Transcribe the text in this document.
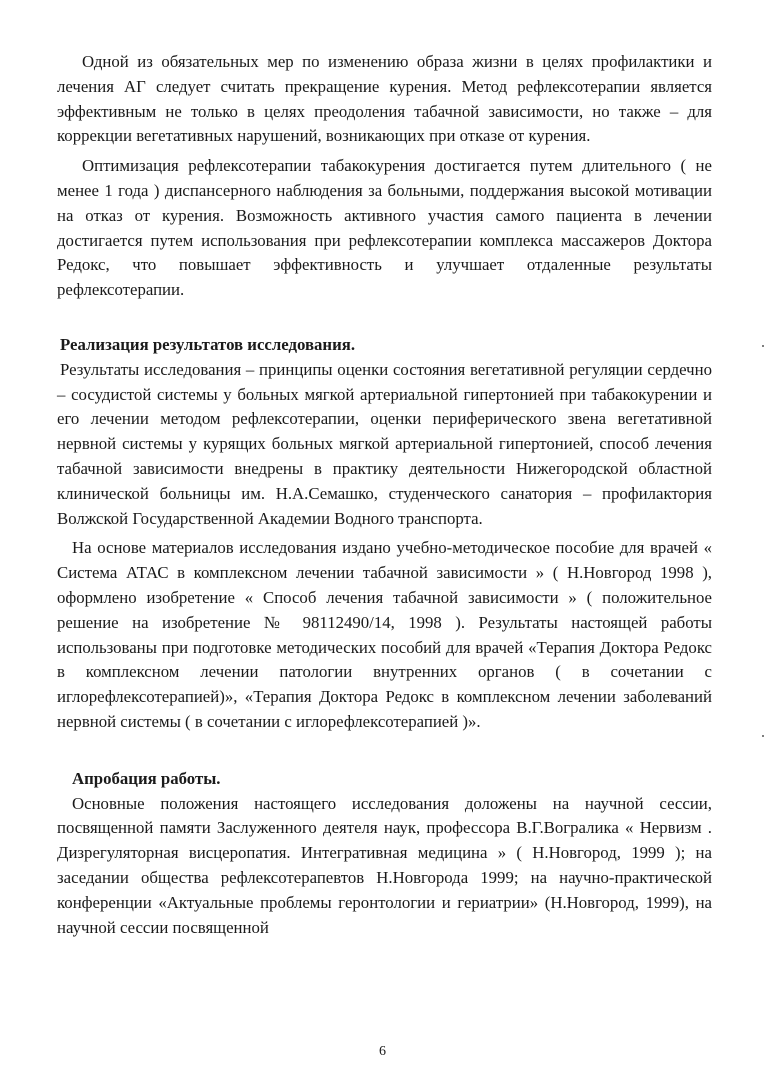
Одной из обязательных мер по изменению образа жизни в целях профилактики и лечения АГ следует считать прекращение курения. Метод рефлексотерапии является эффективным не только в целях преодоления табачной зависимости, но также – для коррекции вегетативных нарушений, возникающих при отказе от курения.

Оптимизация рефлексотерапии табакокурения достигается путем длительного ( не менее 1 года ) диспансерного наблюдения за больными, поддержания высокой мотивации на отказ от курения. Возможность активного участия самого пациента в лечении достигается путем использования при рефлексотерапии комплекса массажеров Доктора Редокс, что повышает эффективность и улучшает отдаленные результаты рефлексотерапии.

Реализация результатов исследования.

Результаты исследования – принципы оценки состояния вегетативной регуляции сердечно – сосудистой системы у больных мягкой артериальной гипертонией при табакокурении и его лечении методом рефлексотерапии, оценки периферического звена вегетативной нервной системы у курящих больных мягкой артериальной гипертонией, способ лечения табачной зависимости внедрены в практику деятельности Нижегородской областной клинической больницы им. Н.А.Семашко, студенческого санатория – профилактория Волжской Государственной Академии Водного транспорта.

На основе материалов исследования издано учебно-методическое пособие для врачей « Система АТАС в комплексном лечении табачной зависимости » ( Н.Новгород 1998 ), оформлено изобретение « Способ лечения табачной зависимости » ( положительное решение на изобретение № 98112490/14, 1998 ). Результаты настоящей работы использованы при подготовке методических пособий для врачей «Терапия Доктора Редокс в комплексном лечении патологии внутренних органов ( в сочетании с иглорефлексотерапией)», «Терапия Доктора Редокс в комплексном лечении заболеваний нервной системы ( в сочетании с иглорефлексотерапией )».

Апробация работы.

Основные положения настоящего исследования доложены на научной сессии, посвященной памяти Заслуженного деятеля наук, профессора В.Г.Вогралика « Нервизм . Дизрегуляторная висцеропатия. Интегративная медицина » ( Н.Новгород, 1999 ); на заседании общества рефлексотерапевтов Н.Новгорода 1999; на научно-практической конференции «Актуальные проблемы геронтологии и гериатрии» (Н.Новгород, 1999), на научной сессии посвященной

6
